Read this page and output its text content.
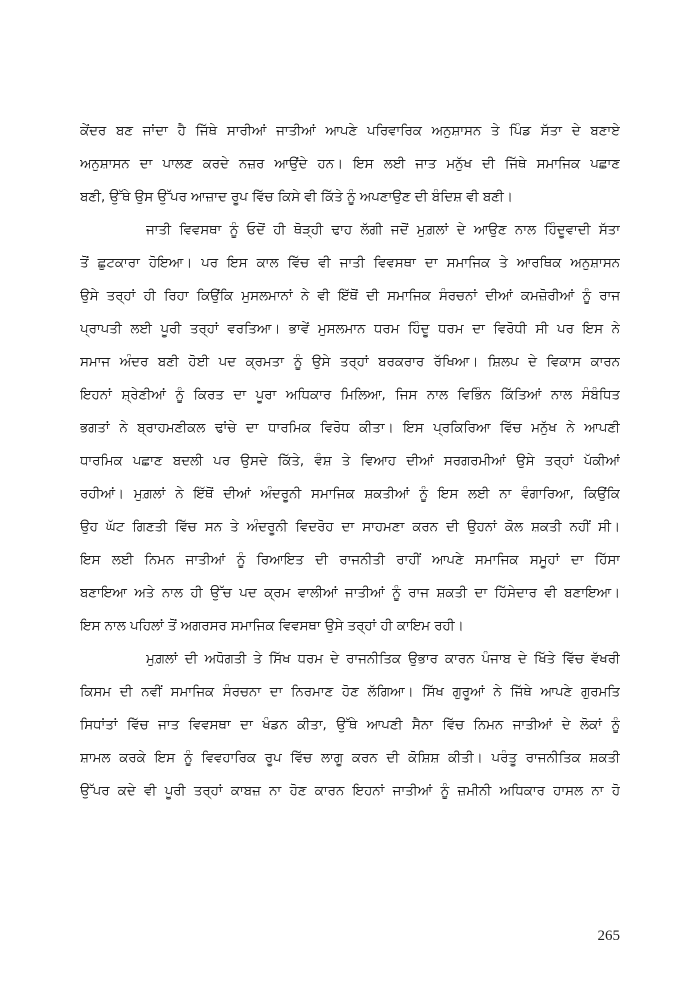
ਕੇਂਦਰ ਬਣ ਜਾਂਦਾ ਹੈ ਜਿੱਥੇ ਸਾਰੀਆਂ ਜਾਤੀਆਂ ਆਪਣੇ ਪਰਿਵਾਰਿਕ ਅਨੁਸ਼ਾਸਨ ਤੇ ਪਿੰਡ ਸੱਤਾ ਦੇ ਬਣਾਏ
ਅਨੁਸ਼ਾਸਨ ਦਾ ਪਾਲਣ ਕਰਦੇ ਨਜ਼ਰ ਆਉਂਦੇ ਹਨ। ਇਸ ਲਈ ਜਾਤ ਮਨੁੱਖ ਦੀ ਜਿੱਥੇ ਸਮਾਜਿਕ ਪਛਾਣ
ਬਣੀ, ਉੱਥੇ ਉਸ ਉੱਪਰ ਆਜ਼ਾਦ ਰੂਪ ਵਿੱਚ ਕਿਸੇ ਵੀ ਕਿੱਤੇ ਨੂੰ ਅਪਣਾਉਣ ਦੀ ਬੰਦਿਸ਼ ਵੀ ਬਣੀ।
ਜਾਤੀ ਵਿਵਸਥਾ ਨੂੰ ਓਦੋਂ ਹੀ ਥੋੜ੍ਹੀ ਢਾਹ ਲੱਗੀ ਜਦੋਂ ਮੁਗ਼ਲਾਂ ਦੇ ਆਉਣ ਨਾਲ ਹਿੰਦੂਵਾਦੀ ਸੱਤਾ
ਤੋਂ ਛੁਟਕਾਰਾ ਹੋਇਆ। ਪਰ ਇਸ ਕਾਲ ਵਿੱਚ ਵੀ ਜਾਤੀ ਵਿਵਸਥਾ ਦਾ ਸਮਾਜਿਕ ਤੇ ਆਰਥਿਕ ਅਨੁਸ਼ਾਸਨ
ਉਸੇ ਤਰ੍ਹਾਂ ਹੀ ਰਿਹਾ ਕਿਉਂਕਿ ਮੁਸਲਮਾਨਾਂ ਨੇ ਵੀ ਇੱਥੋਂ ਦੀ ਸਮਾਜਿਕ ਸੰਰਚਨਾਂ ਦੀਆਂ ਕਮਜ਼ੋਰੀਆਂ ਨੂੰ ਰਾਜ
ਪ੍ਰਾਪਤੀ ਲਈ ਪੂਰੀ ਤਰ੍ਹਾਂ ਵਰਤਿਆ। ਭਾਵੇਂ ਮੁਸਲਮਾਨ ਧਰਮ ਹਿੰਦੂ ਧਰਮ ਦਾ ਵਿਰੋਧੀ ਸੀ ਪਰ ਇਸ ਨੇ
ਸਮਾਜ ਅੰਦਰ ਬਣੀ ਹੋਈ ਪਦ ਕ੍ਰਮਤਾ ਨੂੰ ਉਸੇ ਤਰ੍ਹਾਂ ਬਰਕਰਾਰ ਰੱਖਿਆ। ਸ਼ਿਲਪ ਦੇ ਵਿਕਾਸ ਕਾਰਨ
ਇਹਨਾਂ ਸ਼੍ਰੇਣੀਆਂ ਨੂੰ ਕਿਰਤ ਦਾ ਪੂਰਾ ਅਧਿਕਾਰ ਮਿਲਿਆ, ਜਿਸ ਨਾਲ ਵਿਭਿੰਨ ਕਿੱਤਿਆਂ ਨਾਲ ਸੰਬੰਧਿਤ
ਭਗਤਾਂ ਨੇ ਬ੍ਰਾਹਮਣੀਕਲ ਢਾਂਚੇ ਦਾ ਧਾਰਮਿਕ ਵਿਰੋਧ ਕੀਤਾ। ਇਸ ਪ੍ਰਕਿਰਿਆ ਵਿੱਚ ਮਨੁੱਖ ਨੇ ਆਪਣੀ
ਧਾਰਮਿਕ ਪਛਾਣ ਬਦਲੀ ਪਰ ਉਸਦੇ ਕਿੱਤੇ, ਵੰਸ਼ ਤੇ ਵਿਆਹ ਦੀਆਂ ਸਰਗਰਮੀਆਂ ਉਸੇ ਤਰ੍ਹਾਂ ਪੱਕੀਆਂ
ਰਹੀਆਂ। ਮੁਗ਼ਲਾਂ ਨੇ ਇੱਥੋਂ ਦੀਆਂ ਅੰਦਰੂਨੀ ਸਮਾਜਿਕ ਸ਼ਕਤੀਆਂ ਨੂੰ ਇਸ ਲਈ ਨਾ ਵੰਗਾਰਿਆ, ਕਿਉਂਕਿ
ਉਹ ਘੱਟ ਗਿਣਤੀ ਵਿੱਚ ਸਨ ਤੇ ਅੰਦਰੂਨੀ ਵਿਦਰੋਹ ਦਾ ਸਾਹਮਣਾ ਕਰਨ ਦੀ ਉਹਨਾਂ ਕੋਲ ਸ਼ਕਤੀ ਨਹੀਂ ਸੀ।
ਇਸ ਲਈ ਨਿਮਨ ਜਾਤੀਆਂ ਨੂੰ ਰਿਆਇਤ ਦੀ ਰਾਜਨੀਤੀ ਰਾਹੀਂ ਆਪਣੇ ਸਮਾਜਿਕ ਸਮੂਹਾਂ ਦਾ ਹਿੱਸਾ
ਬਣਾਇਆ ਅਤੇ ਨਾਲ ਹੀ ਉੱਚ ਪਦ ਕ੍ਰਮ ਵਾਲੀਆਂ ਜਾਤੀਆਂ ਨੂੰ ਰਾਜ ਸ਼ਕਤੀ ਦਾ ਹਿੱਸੇਦਾਰ ਵੀ ਬਣਾਇਆ।
ਇਸ ਨਾਲ ਪਹਿਲਾਂ ਤੋਂ ਅਗਰਸਰ ਸਮਾਜਿਕ ਵਿਵਸਥਾ ਉਸੇ ਤਰ੍ਹਾਂ ਹੀ ਕਾਇਮ ਰਹੀ।
ਮੁਗ਼ਲਾਂ ਦੀ ਅਧੋਗਤੀ ਤੇ ਸਿੱਖ ਧਰਮ ਦੇ ਰਾਜਨੀਤਿਕ ਉਭਾਰ ਕਾਰਨ ਪੰਜਾਬ ਦੇ ਖਿੱਤੇ ਵਿੱਚ ਵੱਖਰੀ
ਕਿਸਮ ਦੀ ਨਵੀਂ ਸਮਾਜਿਕ ਸੰਰਚਨਾ ਦਾ ਨਿਰਮਾਣ ਹੋਣ ਲੱਗਿਆ। ਸਿੱਖ ਗੁਰੂਆਂ ਨੇ ਜਿੱਥੇ ਆਪਣੇ ਗੁਰਮਤਿ
ਸਿਧਾਂਤਾਂ ਵਿੱਚ ਜਾਤ ਵਿਵਸਥਾ ਦਾ ਖੰਡਨ ਕੀਤਾ, ਉੱਥੇ ਆਪਣੀ ਸੈਨਾ ਵਿੱਚ ਨਿਮਨ ਜਾਤੀਆਂ ਦੇ ਲੋਕਾਂ ਨੂੰ
ਸ਼ਾਮਲ ਕਰਕੇ ਇਸ ਨੂੰ ਵਿਵਹਾਰਿਕ ਰੂਪ ਵਿੱਚ ਲਾਗੂ ਕਰਨ ਦੀ ਕੋਸ਼ਿਸ਼ ਕੀਤੀ। ਪਰੰਤੂ ਰਾਜਨੀਤਿਕ ਸ਼ਕਤੀ
ਉੱਪਰ ਕਦੇ ਵੀ ਪੂਰੀ ਤਰ੍ਹਾਂ ਕਾਬਜ਼ ਨਾ ਹੋਣ ਕਾਰਨ ਇਹਨਾਂ ਜਾਤੀਆਂ ਨੂੰ ਜ਼ਮੀਨੀ ਅਧਿਕਾਰ ਹਾਸਲ ਨਾ ਹੋ
265
